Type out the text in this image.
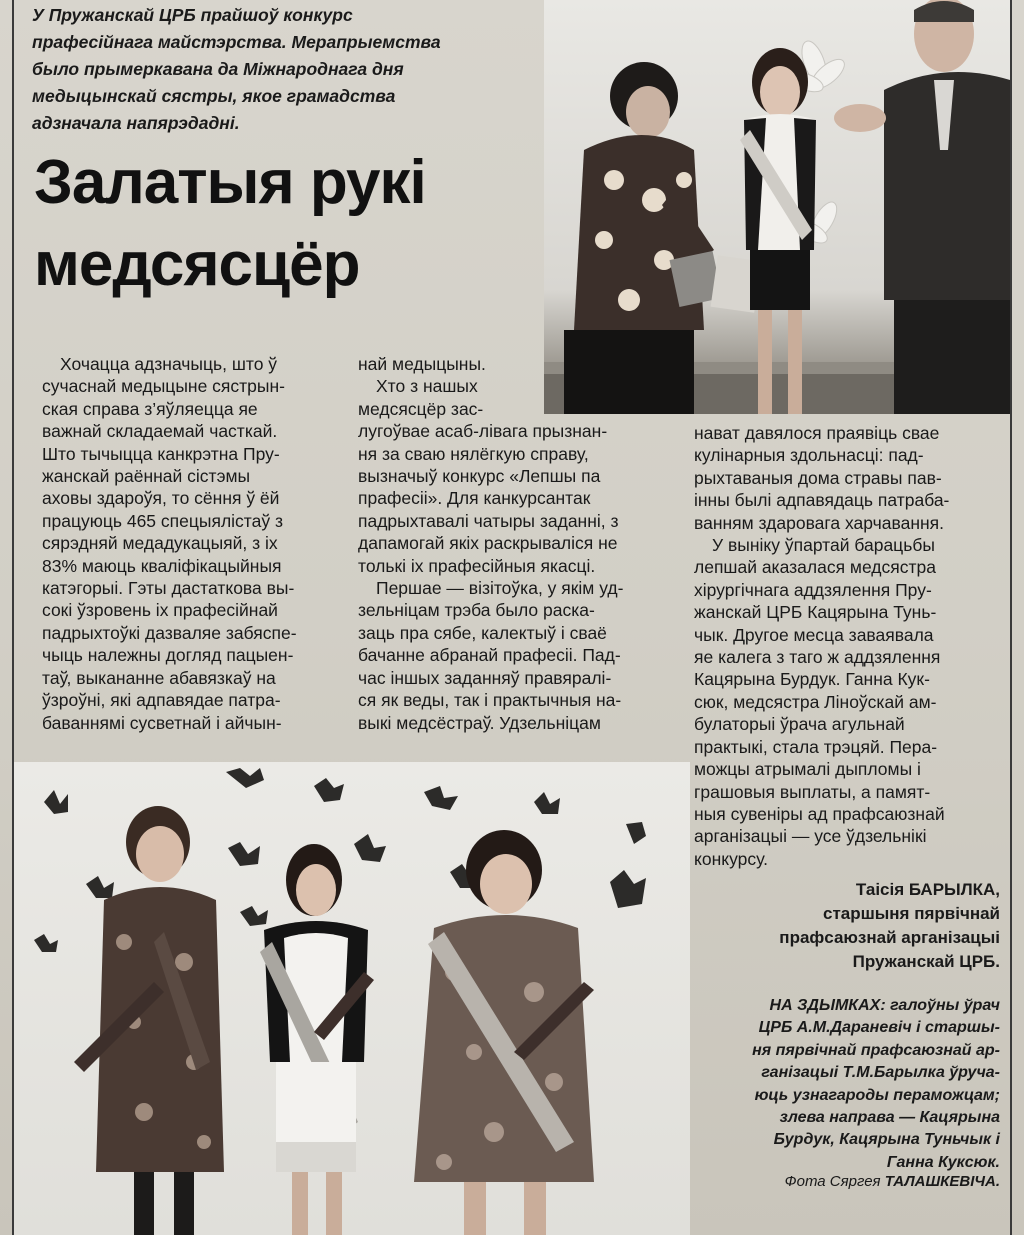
У Пружанскай ЦРБ прайшоў конкурс
прафесійнага майстэрства. Мерапрыемства
было прымеркавана да Міжнароднага дня
медыцынскай сястры, якое грамадства
адзначала напярэдадні.
Залатыя рукі
медсясцёр
Хочацца адзначыць, што ў
сучаснай медыцыне сястрын-
ская справа з’яўляецца яе
важнай складаемай часткай.
Што тычыцца канкрэтна Пру-
жанскай раённай сістэмы
аховы здароўя, то сёння ў ёй
працуюць 465 спецыялістаў з
сярэдняй медадукацыяй, з іх
83% маюць кваліфікацыйныя
катэгорыі. Гэты дастаткова вы-
сокі ўзровень іх прафесійнай
падрыхтоўкі дазваляе забяспе-
чыць належны догляд пацыен-
таў, выкананне абавязкаў на
ўзроўні, які адпавядае патра-
баваннямі сусветнай і айчын-
най медыцыны.
Хто з нашых
медсясцёр зас-
лугоўвае асаб-лівага прызнан-
ня за сваю нялёгкую справу,
вызначыў конкурс «Лепшы па
прафесіі». Для канкурсантак
падрыхтавалі чатыры заданні, з
дапамогай якіх раскрываліся не
толькі іх прафесійныя якасці.
Першае — візітоўка, у якім уд-
зельніцам трэба было раска-
заць пра сябе, калектыў і сваё
бачанне абранай прафесіі. Пад-
час іншых заданняў правяралі-
ся як веды, так і практычныя на-
выкі медсёстраў. Удзельніцам
нават давялося праявіць свае
кулінарныя здольнасці: пад-
рыхтаваныя дома стравы пав-
інны былі адпавядаць патраба-
ванням здаровага харчавання.
У выніку ўпартай барацьбы
лепшай аказалася медсястра
хірургічнага аддзялення Пру-
жанскай ЦРБ Кацярына Тунь-
чык. Другое месца заваявала
яе калега з таго ж аддзялення
Кацярына Бурдук. Ганна Кук-
сюк, медсястра Ліноўскай ам-
булаторыі ўрача агульнай
практыкі, стала трэцяй. Пера-
можцы атрымалі дыпломы і
грашовыя выплаты, а памят-
ныя сувеніры ад прафсаюзнай
арганізацыі — усе ўдзельнікі
конкурсу.
Таісія БАРЫЛКА,
старшыня пярвічнай
прафсаюзнай арганізацыі
Пружанскай ЦРБ.
НА ЗДЫМКАХ: галоўны ўрач
ЦРБ А.М.Дараневіч і старшы-
ня пярвічнай прафсаюзнай ар-
ганізацыі Т.М.Барылка ўруча-
юць узнагароды пераможцам;
злева направа — Кацярына
Бурдук, Кацярына Туньчык і
Ганна Куксюк.
Фота Сяргея ТАЛАШКЕВІЧА.
